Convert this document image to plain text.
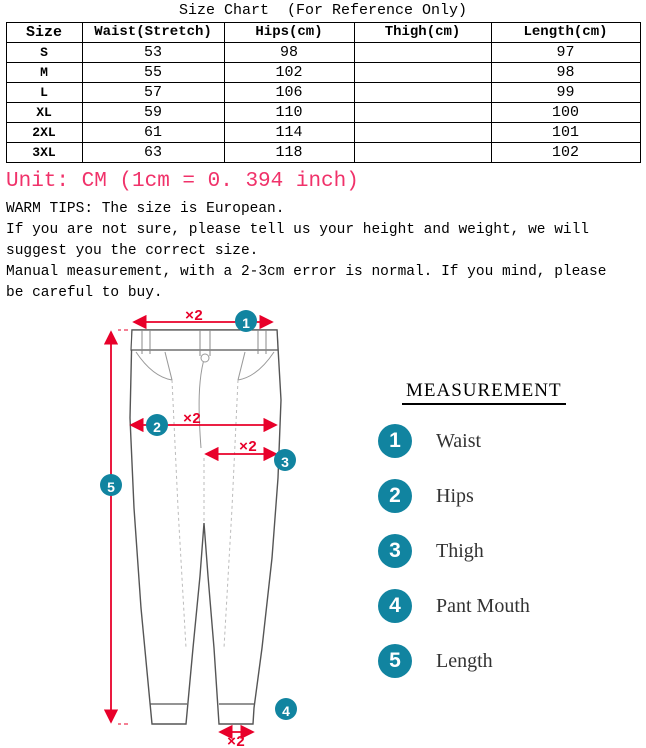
Size Chart  (For Reference Only)
Size	Waist(Stretch)	Hips(cm)	Thigh(cm)	Length(cm)
S	53	98		97
M	55	102		98
L	57	106		99
XL	59	110		100
2XL	61	114		101
3XL	63	118		102
Unit: CM (1cm = 0. 394 inch)
WARM TIPS: The size is European.
If you are not sure, please tell us your height and weight, we will
suggest you the correct size.
Manual measurement, with a 2-3cm error is normal. If you mind, please
be careful to buy.
×2
×2
×2
×2
1
2
3
4
5
MEASUREMENT
1	Waist
2	Hips
3	Thigh
4	Pant Mouth
5	Length
